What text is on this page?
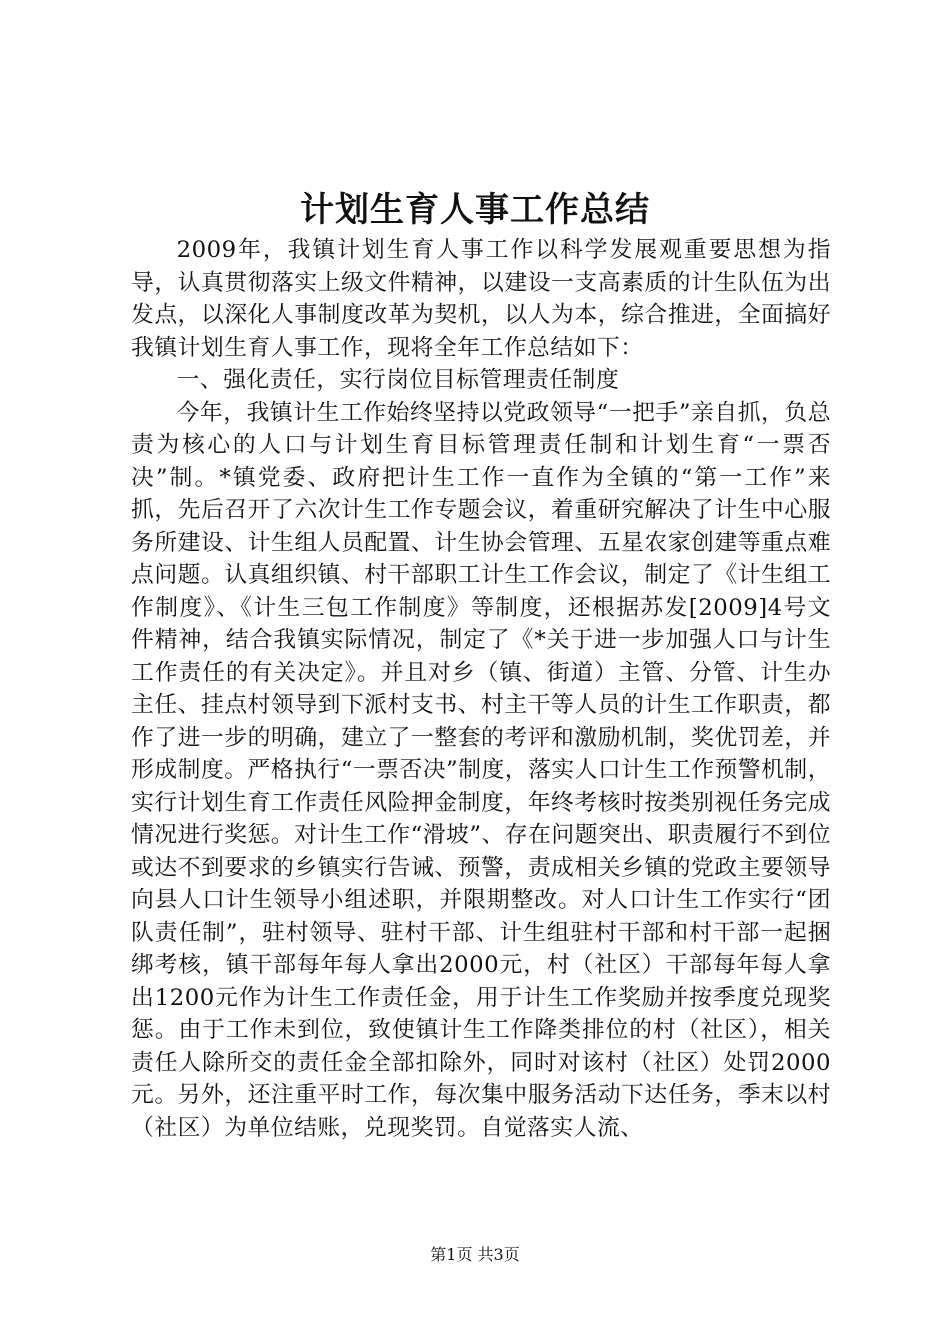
计划生育人事工作总结

2009年，我镇计划生育人事工作以科学发展观重要思想为指导，认真贯彻落实上级文件精神，以建设一支高素质的计生队伍为出发点，以深化人事制度改革为契机，以人为本，综合推进，全面搞好我镇计划生育人事工作，现将全年工作总结如下：

一、强化责任，实行岗位目标管理责任制度

今年，我镇计生工作始终坚持以党政领导“一把手”亲自抓，负总责为核心的人口与计划生育目标管理责任制和计划生育“一票否决”制。*镇党委、政府把计生工作一直作为全镇的“第一工作”来抓，先后召开了六次计生工作专题会议，着重研究解决了计生中心服务所建设、计生组人员配置、计生协会管理、五星农家创建等重点难点问题。认真组织镇、村干部职工计生工作会议，制定了《计生组工作制度》、《计生三包工作制度》等制度，还根据苏发[2009]4号文件精神，结合我镇实际情况，制定了《*关于进一步加强人口与计生工作责任的有关决定》。并且对乡（镇、街道）主管、分管、计生办主任、挂点村领导到下派村支书、村主干等人员的计生工作职责，都作了进一步的明确，建立了一整套的考评和激励机制，奖优罚差，并形成制度。严格执行“一票否决”制度，落实人口计生工作预警机制，实行计划生育工作责任风险押金制度，年终考核时按类别视任务完成情况进行奖惩。对计生工作“滑坡”、存在问题突出、职责履行不到位或达不到要求的乡镇实行告诫、预警，责成相关乡镇的党政主要领导向县人口计生领导小组述职，并限期整改。对人口计生工作实行“团队责任制”，驻村领导、驻村干部、计生组驻村干部和村干部一起捆绑考核，镇干部每年每人拿出2000元，村（社区）干部每年每人拿出1200元作为计生工作责任金，用于计生工作奖励并按季度兑现奖惩。由于工作未到位，致使镇计生工作降类排位的村（社区），相关责任人除所交的责任金全部扣除外，同时对该村（社区）处罚2000元。另外，还注重平时工作，每次集中服务活动下达任务，季末以村（社区）为单位结账，兑现奖罚。自觉落实人流、

第1页 共3页
